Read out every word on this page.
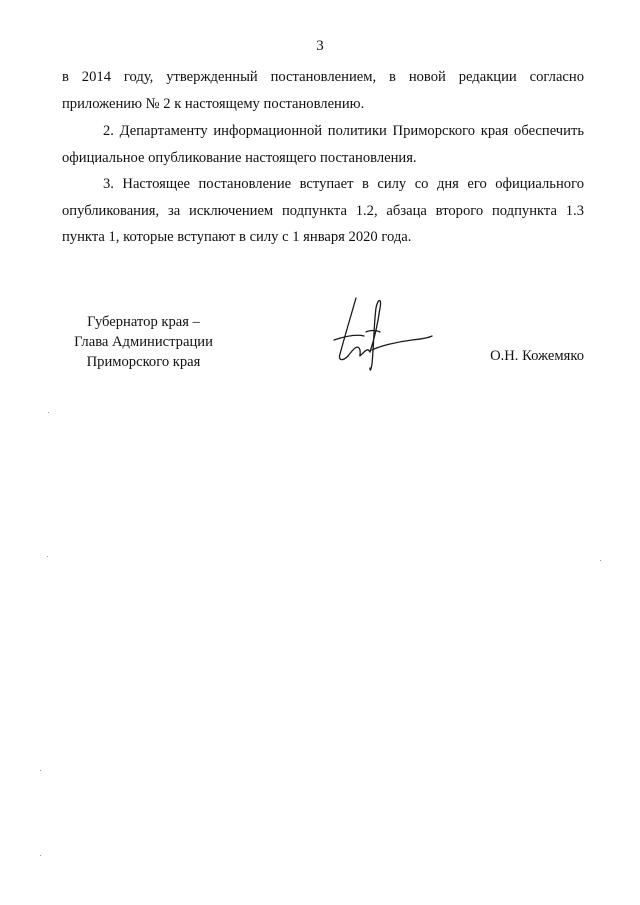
3

в 2014 году, утвержденный постановлением, в новой редакции согласно приложению № 2 к настоящему постановлению.

2. Департаменту информационной политики Приморского края обеспечить официальное опубликование настоящего постановления.

3. Настоящее постановление вступает в силу со дня его официального опубликования, за исключением подпункта 1.2, абзаца второго подпункта 1.3 пункта 1, которые вступают в силу с 1 января 2020 года.

Губернатор края –
Глава Администрации
Приморского края	О.Н. Кожемяко
